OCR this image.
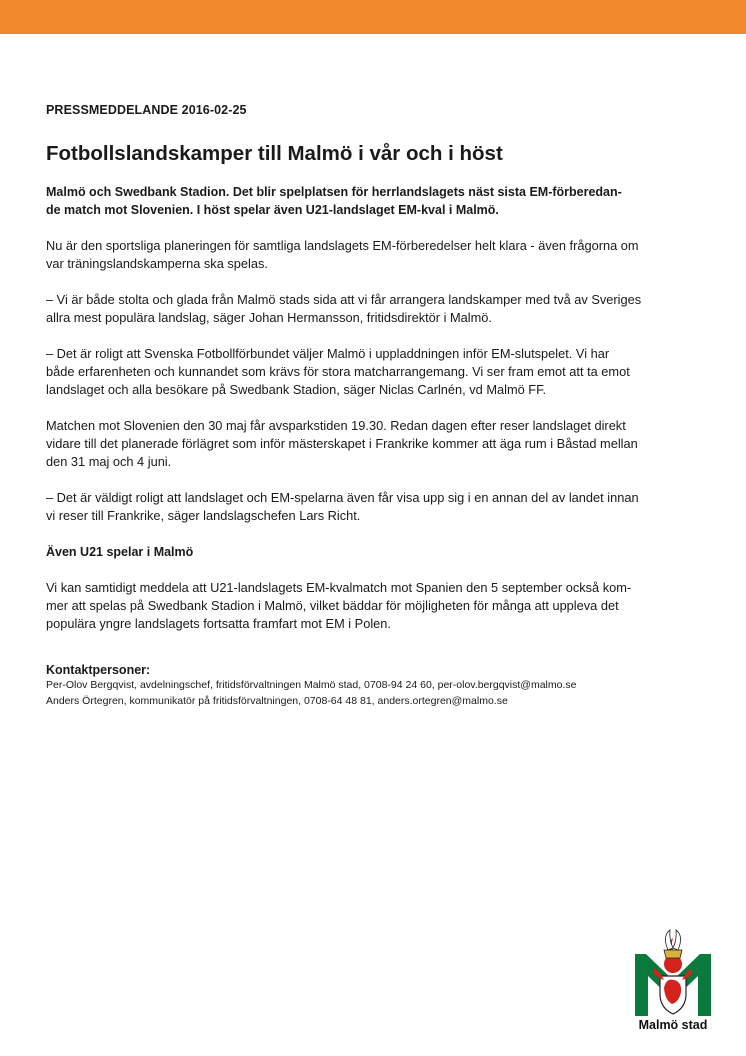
PRESSMEDDELANDE 2016-02-25

Fotbollslandskamper till Malmö i vår och i höst

Malmö och Swedbank Stadion. Det blir spelplatsen för herrlandslagets näst sista EM-förberedan-
de match mot Slovenien. I höst spelar även U21-landslaget EM-kval i Malmö.

Nu är den sportsliga planeringen för samtliga landslagets EM-förberedelser helt klara - även frågorna om
var träningslandskamperna ska spelas.

– Vi är både stolta och glada från Malmö stads sida att vi får arrangera landskamper med två av Sveriges
allra mest populära landslag, säger Johan Hermansson, fritidsdirektör i Malmö.

– Det är roligt att Svenska Fotbollförbundet väljer Malmö i uppladdningen inför EM-slutspelet. Vi har
både erfarenheten och kunnandet som krävs för stora matcharrangemang. Vi ser fram emot att ta emot
landslaget och alla besökare på Swedbank Stadion, säger Niclas Carlnén, vd Malmö FF.

Matchen mot Slovenien den 30 maj får avsparkstiden 19.30. Redan dagen efter reser landslaget direkt
vidare till det planerade förlägret som inför mästerskapet i Frankrike kommer att äga rum i Båstad mellan
den 31 maj och 4 juni.

– Det är väldigt roligt att landslaget och EM-spelarna även får visa upp sig i en annan del av landet innan
vi reser till Frankrike, säger landslagschefen Lars Richt.

Även U21 spelar i Malmö

Vi kan samtidigt meddela att U21-landslagets EM-kvalmatch mot Spanien den 5 september också kom-
mer att spelas på Swedbank Stadion i Malmö, vilket bäddar för möjligheten för många att uppleva det
populära yngre landslagets fortsatta framfart mot EM i Polen.

Kontaktpersoner:

Per-Olov Bergqvist, avdelningschef, fritidsförvaltningen Malmö stad, 0708-94 24 60, per-olov.bergqvist@malmo.se

Anders Örtegren, kommunikatör på fritidsförvaltningen, 0708-64 48 81, anders.ortegren@malmo.se

Malmö stad
